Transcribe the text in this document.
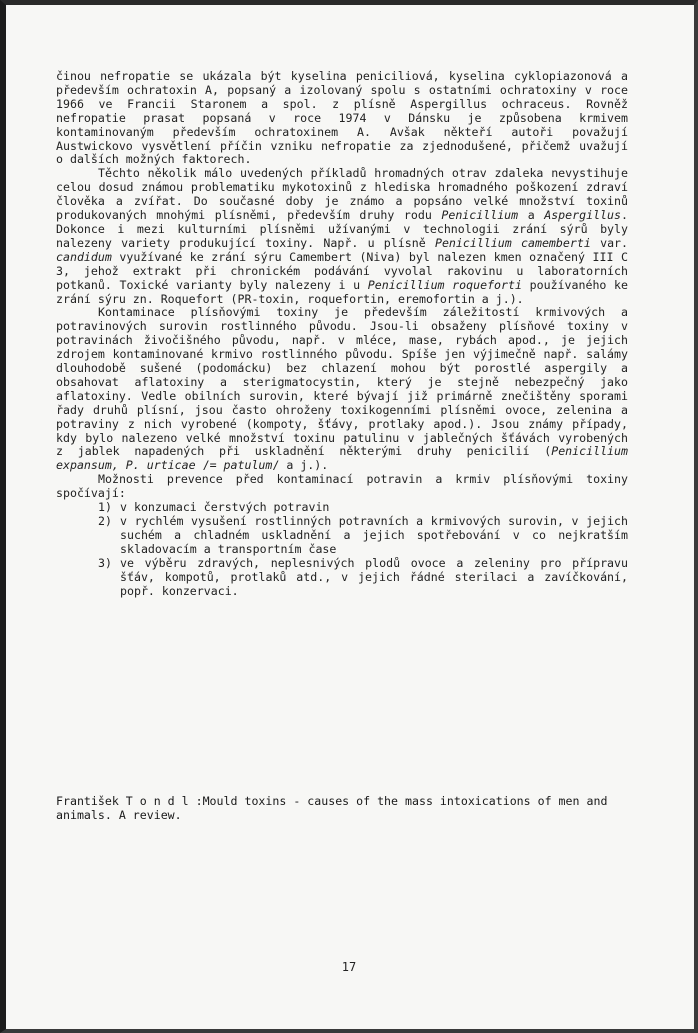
činou nefropatie se ukázala být kyselina peniciliová, kyselina cyklopiazonová a především ochratoxin A, popsaný a izolovaný spolu s ostatními ochratoxiny v roce 1966 ve Francii Staronem a spol. z plísně Aspergillus ochraceus. Rovněž nefropatie prasat popsaná v roce 1974 v Dánsku je způsobena krmivem kontaminovaným především ochratoxinem A. Avšak někteří autoři považují Austwickovo vysvětlení příčin vzniku nefropatie za zjednodušené, přičemž uvažují o dalších možných faktorech.

Těchto několik málo uvedených příkladů hromadných otrav zdaleka nevystihuje celou dosud známou problematiku mykotoxinů z hlediska hromadného poškození zdraví člověka a zvířat. Do současné doby je známo a popsáno velké množství toxinů produkovaných mnohými plísněmi, především druhy rodu Penicillium a Aspergillus. Dokonce i mezi kulturními plísněmi užívanými v technologii zrání sýrů byly nalezeny variety produkující toxiny. Např. u plísně Penicillium camemberti var. candidum využívané ke zrání sýru Camembert (Niva) byl nalezen kmen označený III C 3, jehož extrakt při chronickém podávání vyvolal rakovinu u laboratorních potkanů. Toxické varianty byly nalezeny i u Penicillium roqueforti používaného ke zrání sýru zn. Roquefort (PR-toxin, roquefortin, eremofortin a j.).

Kontaminace plísňovými toxiny je především záležitostí krmivových a potravinových surovin rostlinného původu. Jsou-li obsaženy plísňové toxiny v potravinách živočišného původu, např. v mléce, mase, rybách apod., je jejich zdrojem kontaminované krmivo rostlinného původu. Spíše jen výjimečně např. salámy dlouhodobě sušené (podomácku) bez chlazení mohou být porostlé aspergily a obsahovat aflatoxiny a sterigmatocystin, který je stejně nebezpečný jako aflatoxiny. Vedle obilních surovin, které bývají již primárně znečištěny sporami řady druhů plísní, jsou často ohroženy toxikogenními plísněmi ovoce, zelenina a potraviny z nich vyrobené (kompoty, šťávy, protlaky apod.). Jsou známy případy, kdy bylo nalezeno velké množství toxinu patulinu v jablečných šťávách vyrobených z jablek napadených při uskladnění některými druhy penicilií (Penicillium expansum, P. urticae /= patulum/ a j.).

Možnosti prevence před kontaminací potravin a krmiv plísňovými toxiny spočívají:

1) v konzumaci čerstvých potravin
2) v rychlém vysušení rostlinných potravních a krmivových surovin, v jejich suchém a chladném uskladnění a jejich spotřebování v co nejkratším skladovacím a transportním čase
3) ve výběru zdravých, neplesnivých plodů ovoce a zeleniny pro přípravu šťáv, kompotů, protlaků atd., v jejich řádné sterilaci a zavíčkování, popř. konzervaci.

František T o n d l :Mould toxins - causes of the mass intoxications of men and animals. A review.

17
